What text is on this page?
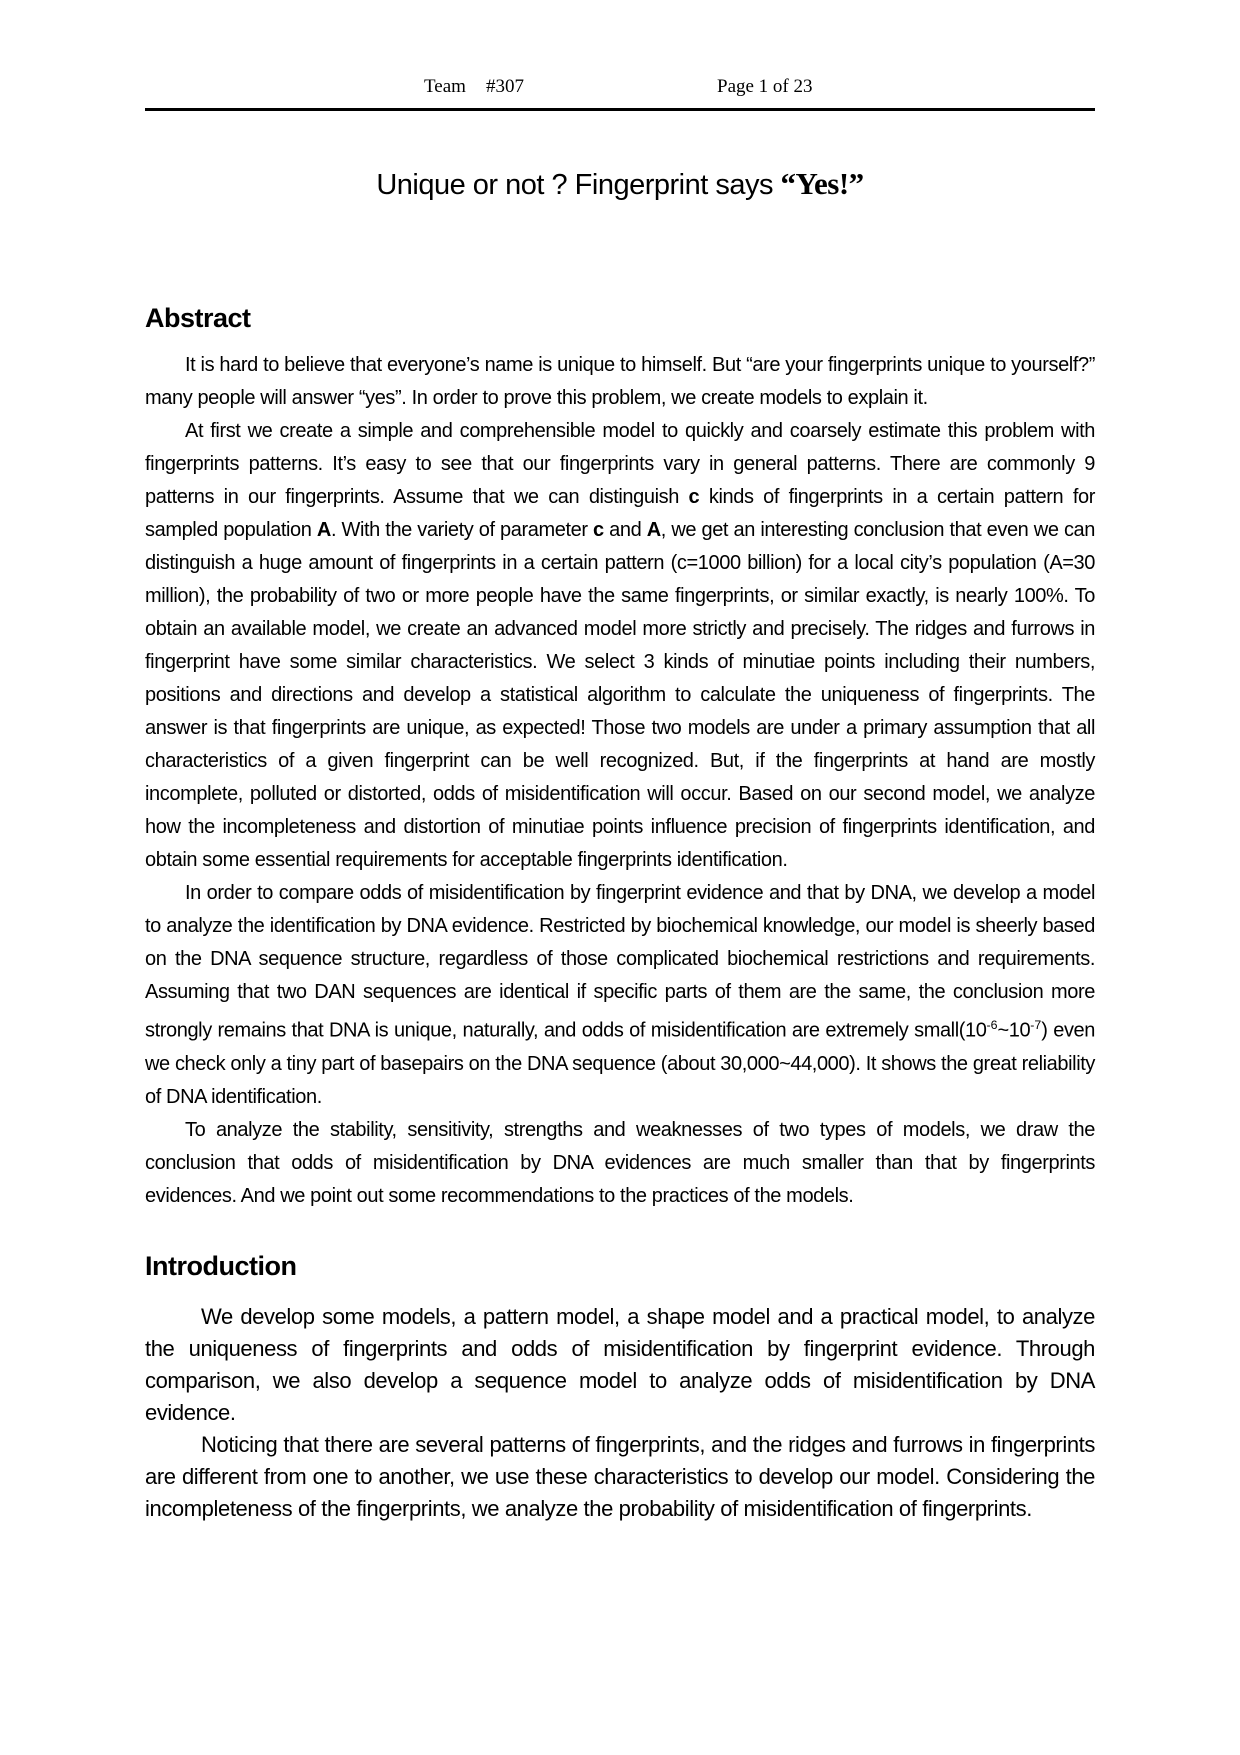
Team #307	Page 1 of 23
Unique or not ? Fingerprint says “Yes!”
Abstract

It is hard to believe that everyone’s name is unique to himself. But “are your fingerprints unique to yourself?” many people will answer “yes”. In order to prove this problem, we create models to explain it.

At first we create a simple and comprehensible model to quickly and coarsely estimate this problem with fingerprints patterns. It’s easy to see that our fingerprints vary in general patterns. There are commonly 9 patterns in our fingerprints. Assume that we can distinguish c kinds of fingerprints in a certain pattern for sampled population A. With the variety of parameter c and A, we get an interesting conclusion that even we can distinguish a huge amount of fingerprints in a certain pattern (c=1000 billion) for a local city’s population (A=30 million), the probability of two or more people have the same fingerprints, or similar exactly, is nearly 100%. To obtain an available model, we create an advanced model more strictly and precisely. The ridges and furrows in fingerprint have some similar characteristics. We select 3 kinds of minutiae points including their numbers, positions and directions and develop a statistical algorithm to calculate the uniqueness of fingerprints. The answer is that fingerprints are unique, as expected! Those two models are under a primary assumption that all characteristics of a given fingerprint can be well recognized. But, if the fingerprints at hand are mostly incomplete, polluted or distorted, odds of misidentification will occur. Based on our second model, we analyze how the incompleteness and distortion of minutiae points influence precision of fingerprints identification, and obtain some essential requirements for acceptable fingerprints identification.

In order to compare odds of misidentification by fingerprint evidence and that by DNA, we develop a model to analyze the identification by DNA evidence. Restricted by biochemical knowledge, our model is sheerly based on the DNA sequence structure, regardless of those complicated biochemical restrictions and requirements. Assuming that two DAN sequences are identical if specific parts of them are the same, the conclusion more strongly remains that DNA is unique, naturally, and odds of misidentification are extremely $small(10^{-6}\sim 10^{-7})$ even we check only a tiny part of basepairs on the DNA sequence (about 30,000~44,000). It shows the great reliability of DNA identification.

To analyze the stability, sensitivity, strengths and weaknesses of two types of models, we draw the conclusion that odds of misidentification by DNA evidences are much smaller than that by fingerprints evidences. And we point out some recommendations to the practices of the models.

Introduction

We develop some models, a pattern model, a shape model and a practical model, to analyze the uniqueness of fingerprints and odds of misidentification by fingerprint evidence. Through comparison, we also develop a sequence model to analyze odds of misidentification by DNA evidence.

Noticing that there are several patterns of fingerprints, and the ridges and furrows in fingerprints are different from one to another, we use these characteristics to develop our model. Considering the incompleteness of the fingerprints, we analyze the probability of misidentification of fingerprints.
